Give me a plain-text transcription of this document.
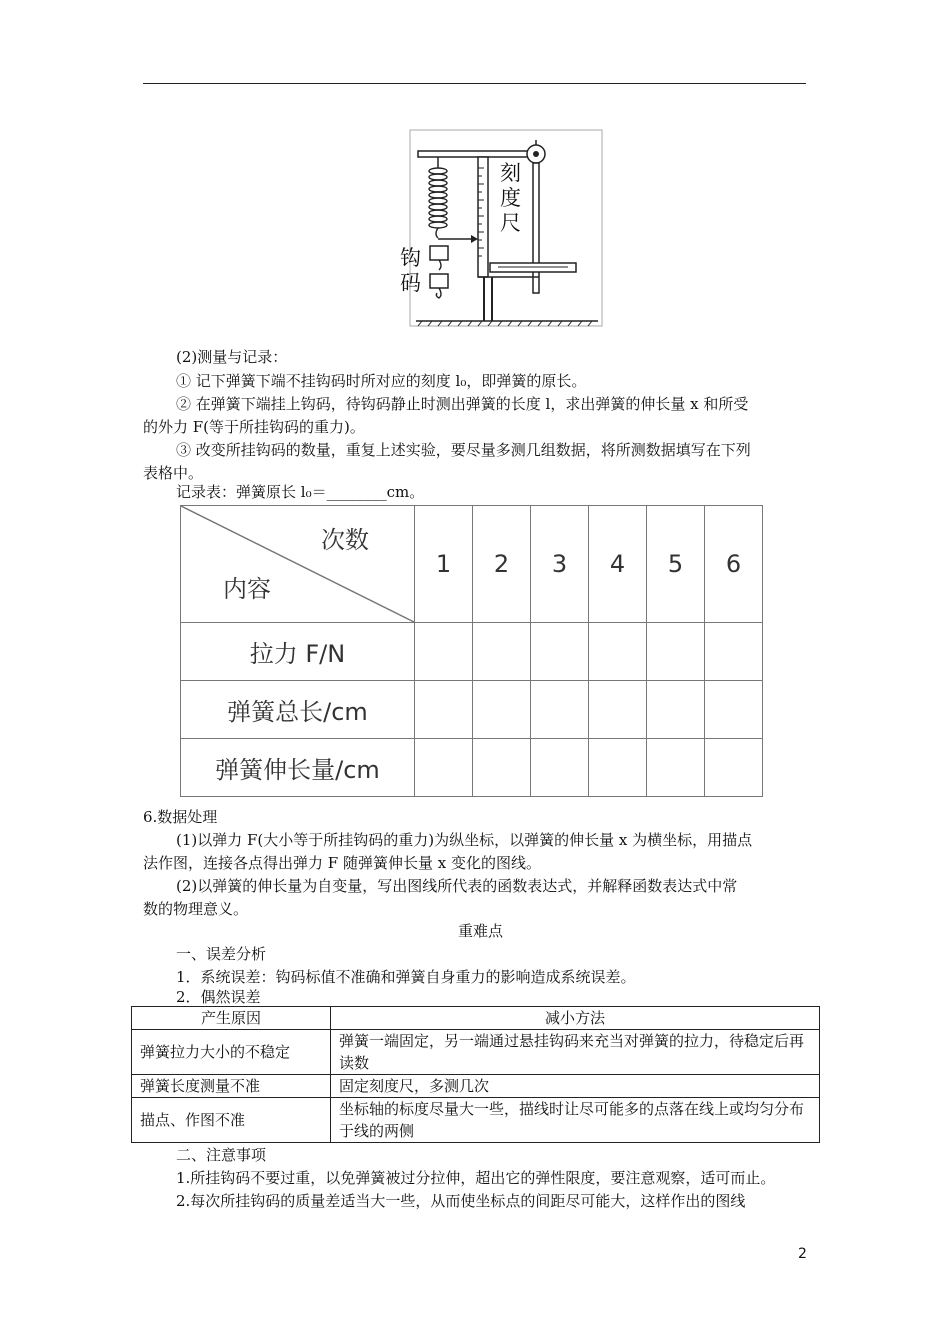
刻
度
尺
钩
码
(2)测量与记录：
① 记下弹簧下端不挂钩码时所对应的刻度 l₀，即弹簧的原长。
② 在弹簧下端挂上钩码，待钩码静止时测出弹簧的长度 l，求出弹簧的伸长量 x 和所受
的外力 F(等于所挂钩码的重力)。
③ 改变所挂钩码的数量，重复上述实验，要尽量多测几组数据，将所测数据填写在下列
表格中。
记录表：弹簧原长 l₀＝________cm。
次数
内容	1	2	3	4	5	6
拉力 F/N						
弹簧总长/cm						
弹簧伸长量/cm						
6.数据处理
(1)以弹力 F(大小等于所挂钩码的重力)为纵坐标，以弹簧的伸长量 x 为横坐标，用描点
法作图，连接各点得出弹力 F 随弹簧伸长量 x 变化的图线。
(2)以弹簧的伸长量为自变量，写出图线所代表的函数表达式，并解释函数表达式中常
数的物理意义。
重难点
一、误差分析
1．系统误差：钩码标值不准确和弹簧自身重力的影响造成系统误差。
2．偶然误差
产生原因	减小方法
弹簧拉力大小的不稳定	弹簧一端固定，另一端通过悬挂钩码来充当对弹簧的拉力，待稳定后再读数
弹簧长度测量不准	固定刻度尺，多测几次
描点、作图不准	坐标轴的标度尽量大一些，描线时让尽可能多的点落在线上或均匀分布于线的两侧
二、注意事项
1.所挂钩码不要过重，以免弹簧被过分拉伸，超出它的弹性限度，要注意观察，适可而止。
2.每次所挂钩码的质量差适当大一些，从而使坐标点的间距尽可能大，这样作出的图线
2
